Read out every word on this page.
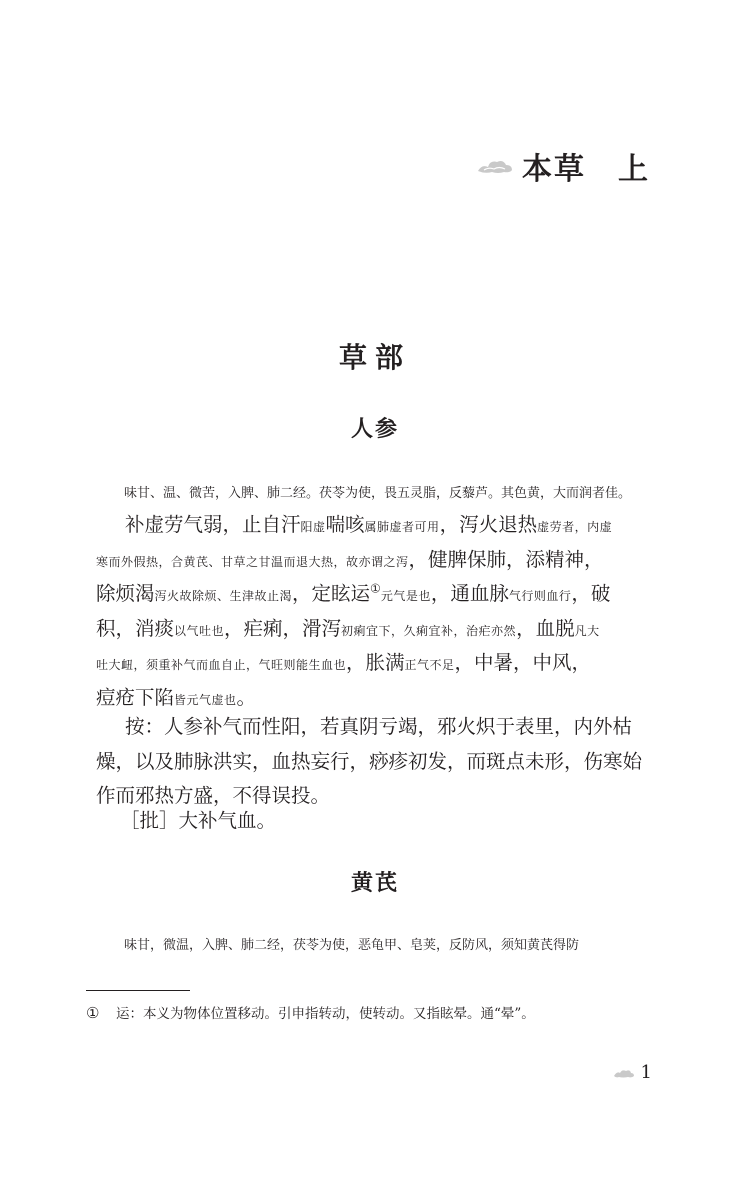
本草　上
草部
人参
味甘、温、微苦，入脾、肺二经。茯苓为使，畏五灵脂，反藜芦。其色黄，大而润者佳。
补虚劳气弱，止自汗阳虚喘咳属肺虚者可用，泻火退热虚劳者，内虚
寒而外假热，合黄芪、甘草之甘温而退大热，故亦谓之泻，健脾保肺，添精神，
除烦渴泻火故除烦、生津故止渴，定眩运①元气是也，通血脉气行则血行，破
积，消痰以气吐也，疟痢，滑泻初痢宜下，久痢宜补，治疟亦然，血脱凡大
吐大衄，须重补气而血自止，气旺则能生血也，胀满正气不足，中暑，中风，
痘疮下陷皆元气虚也。
按：人参补气而性阳，若真阴亏竭，邪火炽于表里，内外枯
燥，以及肺脉洪实，血热妄行，痧疹初发，而斑点未形，伤寒始
作而邪热方盛，不得误投。
［批］大补气血。
黄芪
味甘，微温，入脾、肺二经，茯苓为使，恶龟甲、皂荚，反防风，须知黄芪得防
① 运：本义为物体位置移动。引申指转动，使转动。又指眩晕。通“晕”。
1
